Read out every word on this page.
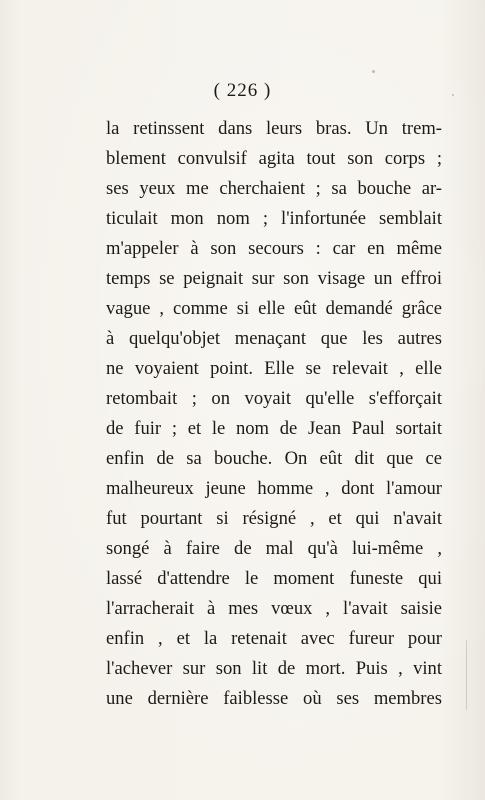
( 226 )
la retinssent dans leurs bras. Un trem-
blement convulsif agita tout son corps ;
ses yeux me cherchaient ; sa bouche ar-
ticulait mon nom ; l'infortunée semblait
m'appeler à son secours : car en même
temps se peignait sur son visage un effroi
vague , comme si elle eût demandé grâce
à quelqu'objet menaçant que les autres
ne voyaient point. Elle se relevait , elle
retombait ; on voyait qu'elle s'efforçait
de fuir ; et le nom de Jean Paul sortait
enfin de sa bouche. On eût dit que ce
malheureux jeune homme , dont l'amour
fut pourtant si résigné , et qui n'avait
songé à faire de mal qu'à lui-même ,
lassé d'attendre le moment funeste qui
l'arracherait à mes vœux , l'avait saisie
enfin , et la retenait avec fureur pour
l'achever sur son lit de mort. Puis , vint
une dernière faiblesse où ses membres
